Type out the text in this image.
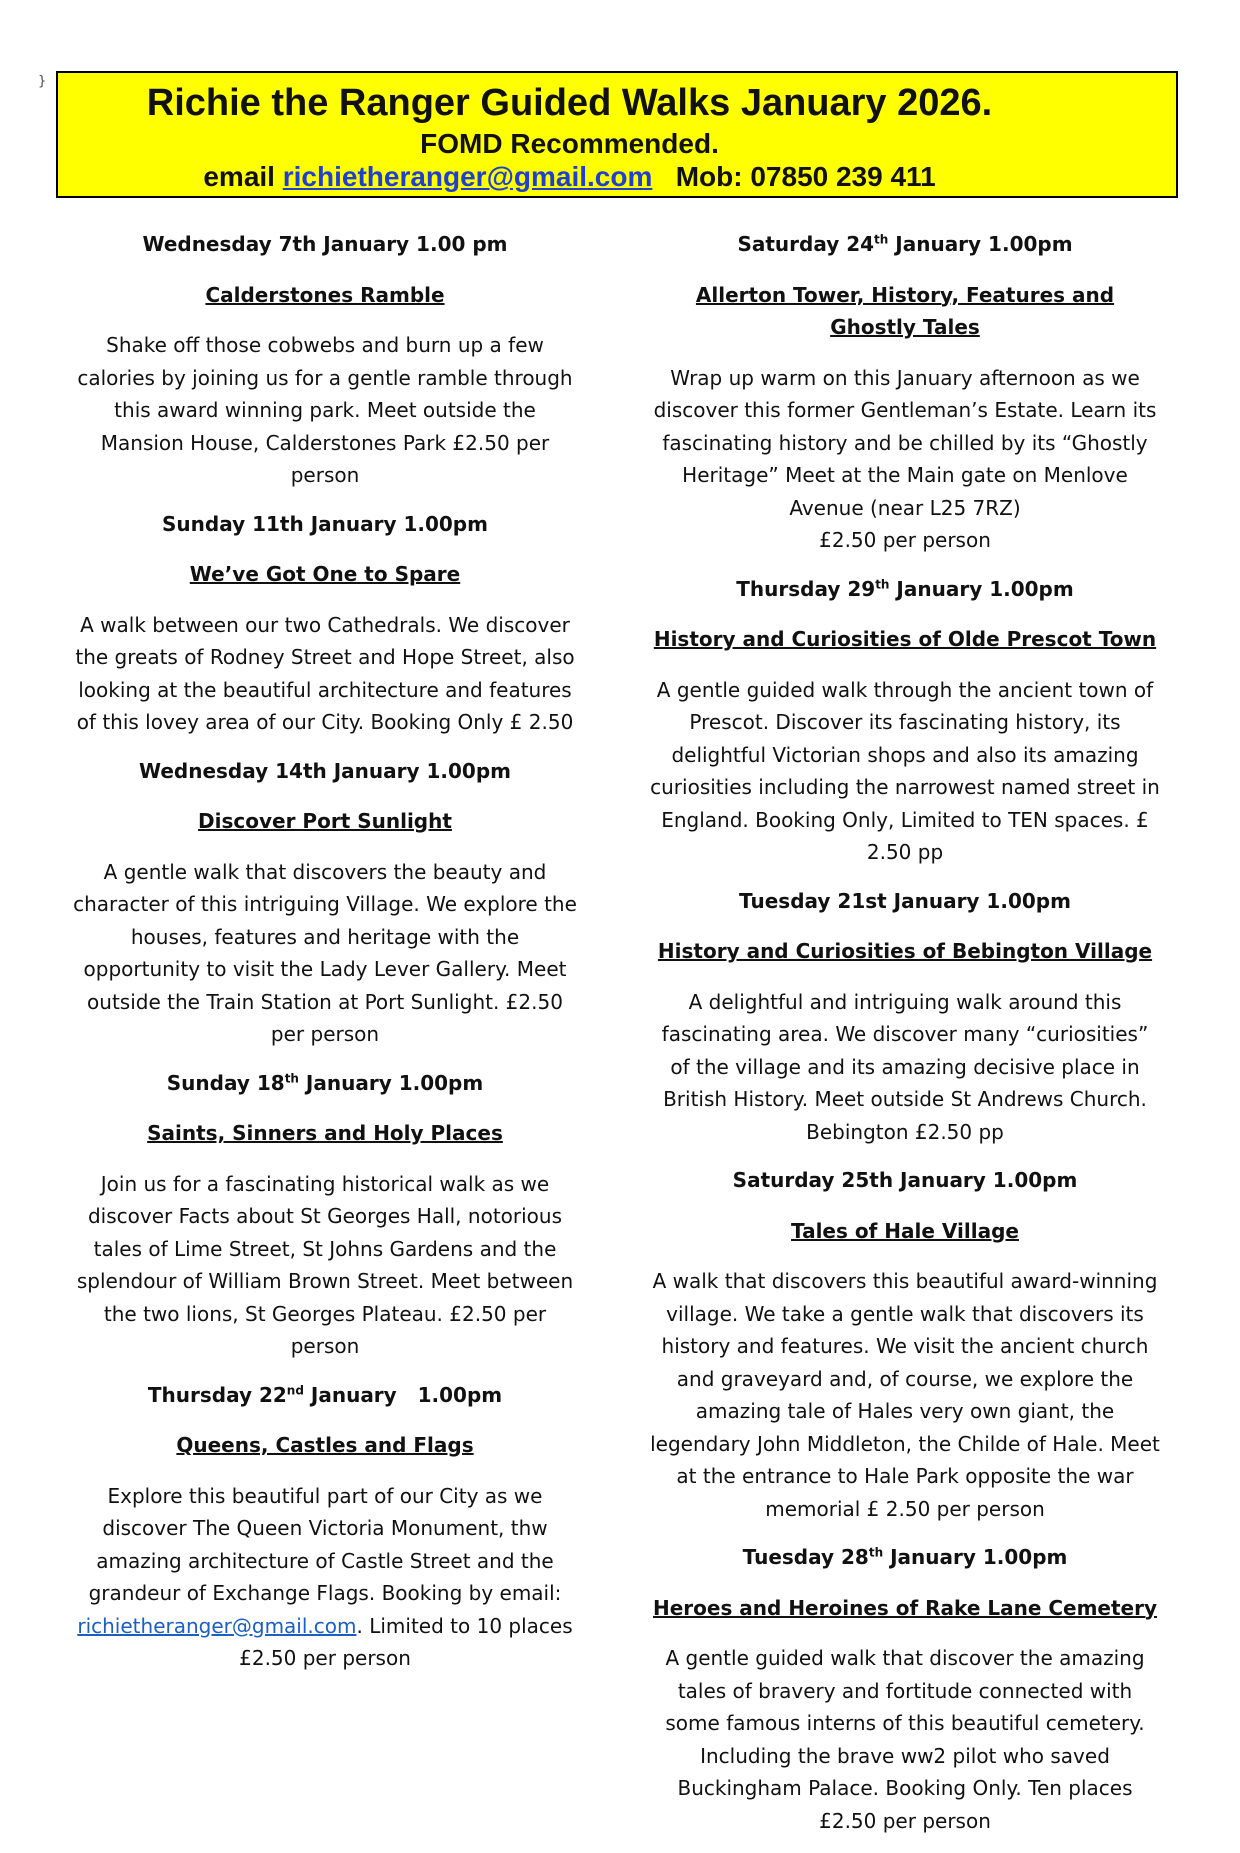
}
Richie the Ranger Guided Walks January 2026.
FOMD Recommended.
email richietheranger@gmail.com   Mob: 07850 239 411
Wednesday 7th January 1.00 pm
Calderstones Ramble
Shake off those cobwebs and burn up a few calories by joining us for a gentle ramble through this award winning park. Meet outside the Mansion House, Calderstones Park £2.50 per person
Sunday 11th January 1.00pm
We’ve Got One to Spare
A walk between our two Cathedrals. We discover the greats of Rodney Street and Hope Street, also looking at the beautiful architecture and features of this lovey area of our City. Booking Only £ 2.50
Wednesday 14th January 1.00pm
Discover Port Sunlight
A gentle walk that discovers the beauty and character of this intriguing Village. We explore the houses, features and heritage with the opportunity to visit the Lady Lever Gallery. Meet outside the Train Station at Port Sunlight. £2.50 per person
Sunday 18th January 1.00pm
Saints, Sinners and Holy Places
Join us for a fascinating historical walk as we discover Facts about St Georges Hall, notorious tales of Lime Street, St Johns Gardens and the splendour of William Brown Street. Meet between the two lions, St Georges Plateau. £2.50 per person
Thursday 22nd January   1.00pm
Queens, Castles and Flags
Explore this beautiful part of our City as we discover The Queen Victoria Monument, thw amazing architecture of Castle Street and the grandeur of Exchange Flags. Booking by email: richietheranger@gmail.com. Limited to 10 places £2.50 per person
Saturday 24th January 1.00pm
Allerton Tower, History, Features and Ghostly Tales
Wrap up warm on this January afternoon as we discover this former Gentleman’s Estate. Learn its fascinating history and be chilled by its “Ghostly Heritage” Meet at the Main gate on Menlove Avenue (near L25 7RZ)
£2.50 per person
Thursday 29th January 1.00pm
History and Curiosities of Olde Prescot Town
A gentle guided walk through the ancient town of Prescot. Discover its fascinating history, its delightful Victorian shops and also its amazing curiosities including the narrowest named street in England. Booking Only, Limited to TEN spaces. £ 2.50 pp
Tuesday 21st January 1.00pm
History and Curiosities of Bebington Village
A delightful and intriguing walk around this fascinating area. We discover many “curiosities” of the village and its amazing decisive place in British History. Meet outside St Andrews Church. Bebington £2.50 pp
Saturday 25th January 1.00pm
Tales of Hale Village
A walk that discovers this beautiful award-winning village. We take a gentle walk that discovers its history and features. We visit the ancient church and graveyard and, of course, we explore the amazing tale of Hales very own giant, the legendary John Middleton, the Childe of Hale. Meet at the entrance to Hale Park opposite the war memorial £ 2.50 per person
Tuesday 28th January 1.00pm
Heroes and Heroines of Rake Lane Cemetery
A gentle guided walk that discover the amazing tales of bravery and fortitude connected with some famous interns of this beautiful cemetery. Including the brave ww2 pilot who saved Buckingham Palace. Booking Only. Ten places £2.50 per person
